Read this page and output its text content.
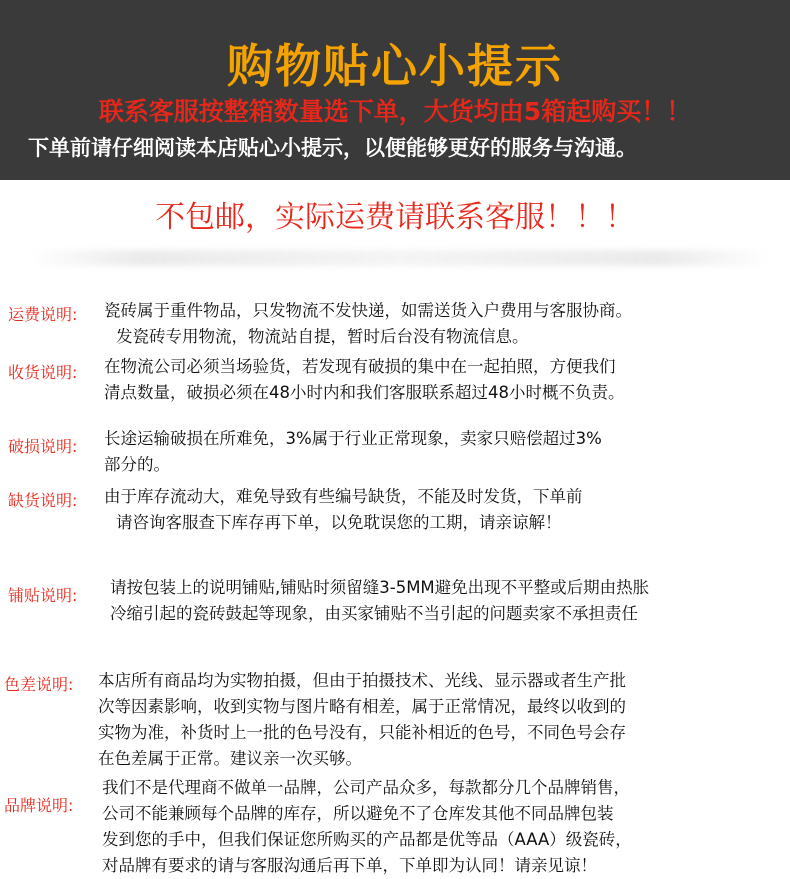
购物贴心小提示
联系客服按整箱数量选下单，大货均由5箱起购买！！
下单前请仔细阅读本店贴心小提示，以便能够更好的服务与沟通。
不包邮，实际运费请联系客服！！！
运费说明: 瓷砖属于重件物品，只发物流不发快递，如需送货入户费用与客服协商。
发瓷砖专用物流，物流站自提，暂时后台没有物流信息。
收货说明: 在物流公司必须当场验货，若发现有破损的集中在一起拍照，方便我们
清点数量，破损必须在48小时内和我们客服联系超过48小时概不负责。
破损说明: 长途运输破损在所难免，3%属于行业正常现象，卖家只赔偿超过3%
部分的。
缺货说明: 由于库存流动大，难免导致有些编号缺货，不能及时发货，下单前
请咨询客服查下库存再下单，以免耽误您的工期，请亲谅解！
铺贴说明: 请按包装上的说明铺贴,铺贴时须留缝3-5MM避免出现不平整或后期由热胀
冷缩引起的瓷砖鼓起等现象，由买家铺贴不当引起的问题卖家不承担责任
色差说明: 本店所有商品均为实物拍摄，但由于拍摄技术、光线、显示器或者生产批
次等因素影响，收到实物与图片略有相差，属于正常情况，最终以收到的
实物为准，补货时上一批的色号没有，只能补相近的色号，不同色号会存
在色差属于正常。建议亲一次买够。
品牌说明:
我们不是代理商不做单一品牌，公司产品众多，每款都分几个品牌销售，
公司不能兼顾每个品牌的库存，所以避免不了仓库发其他不同品牌包装
发到您的手中，但我们保证您所购买的产品都是优等品（AAA）级瓷砖，
对品牌有要求的请与客服沟通后再下单，下单即为认同！请亲见谅！
